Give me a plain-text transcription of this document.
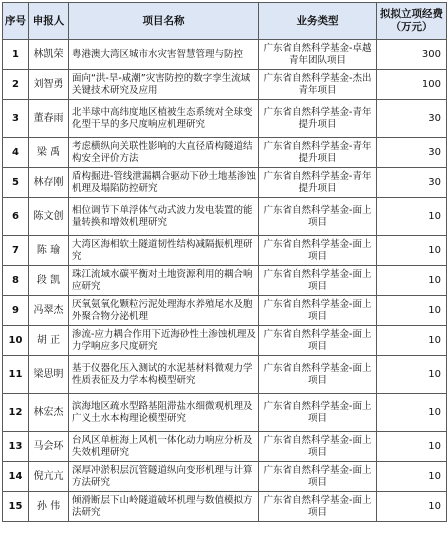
序号	申报人	项目名称	业务类型	拟拟立项经费（万元）
1	林凯荣	粤港澳大湾区城市水灾害智慧管理与防控	广东省自然科学基金-卓越青年团队项目	300
2	刘智勇	面向“洪-旱-咸潮”灾害防控的数字孪生流域关键技术研究及应用	广东省自然科学基金-杰出青年项目	100
3	董春雨	北半球中高纬度地区植被生态系统对全球变化型干旱的多尺度响应机理研究	广东省自然科学基金-青年提升项目	30
4	梁 禹	考虑横纵向关联性影响的大直径盾构隧道结构安全评价方法	广东省自然科学基金-青年提升项目	30
5	林存刚	盾构掘进-管线泄漏耦合驱动下砂土地基渗蚀机理及塌陷防控研究	广东省自然科学基金-青年提升项目	30
6	陈文创	相位调节下单浮体气动式波力发电装置的能量转换和增效机理研究	广东省自然科学基金-面上项目	10
7	陈 瑜	大湾区海相软土隧道韧性结构减隔振机理研究	广东省自然科学基金-面上项目	10
8	段 凯	珠江流域水碳平衡对土地资源利用的耦合响应研究	广东省自然科学基金-面上项目	10
9	冯翠杰	厌氧氨氧化颗粒污泥处理海水养殖尾水及胞外聚合物分泌机理	广东省自然科学基金-面上项目	10
10	胡 正	渗流-应力耦合作用下近海砂性土渗蚀机理及力学响应多尺度研究	广东省自然科学基金-面上项目	10
11	梁思明	基于仪器化压入测试的水泥基材料微观力学性质表征及力学本构模型研究	广东省自然科学基金-面上项目	10
12	林宏杰	滨海地区疏水型路基阻滞盐水细微观机理及广义土水本构理论模型研究	广东省自然科学基金-面上项目	10
13	马会环	台风区单桩海上风机一体化动力响应分析及失效机理研究	广东省自然科学基金-面上项目	10
14	倪亢亢	深厚冲淤积层沉管隧道纵向变形机理与计算方法研究	广东省自然科学基金-面上项目	10
15	孙 伟	倾滑断层下山岭隧道破坏机理与数值模拟方法研究	广东省自然科学基金-面上项目	10
